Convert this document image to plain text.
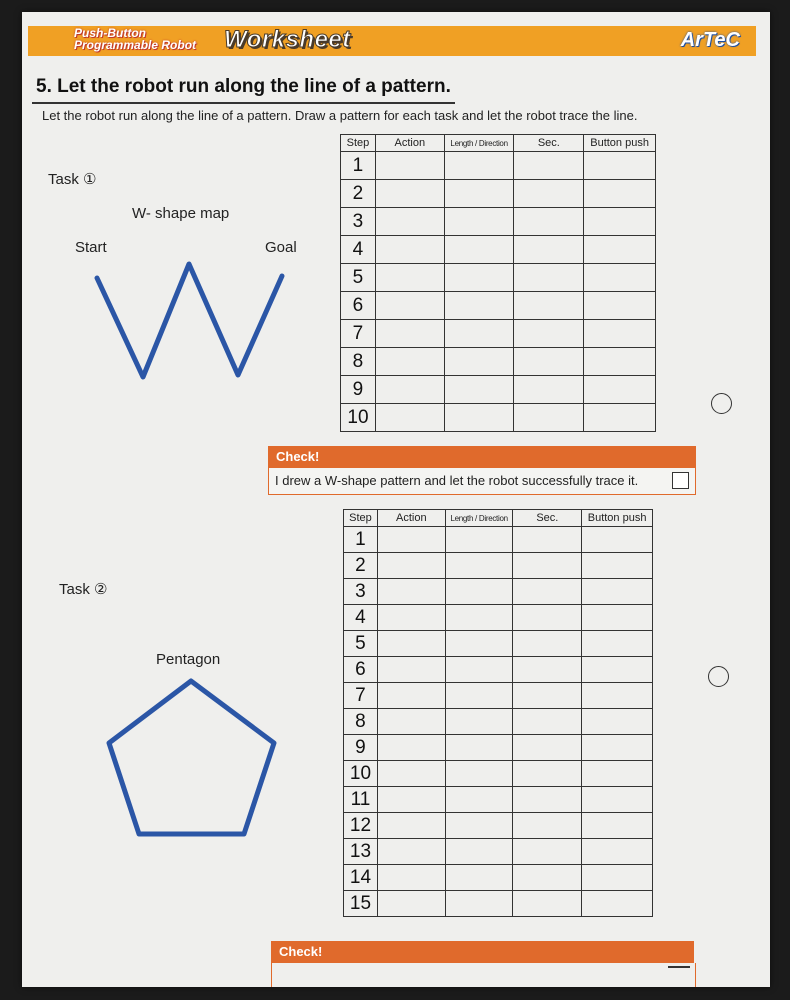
Push-Button
Programmable Robot	Worksheet	ArTeC
5. Let the robot run along the line of a pattern.
Let the robot run along the line of a pattern. Draw a pattern for each task and let the robot trace the line.
Task ①
W- shape map
Start	Goal
Step	Action	Length / Direction	Sec.	Button push
1				
2				
3				
4				
5				
6				
7				
8				
9				
10				
Check!
I drew a W-shape pattern and let the robot successfully trace it.
Task ②
Pentagon
Step	Action	Length / Direction	Sec.	Button push
1				
2				
3				
4				
5				
6				
7				
8				
9				
10				
11				
12				
13				
14				
15				
Check!
